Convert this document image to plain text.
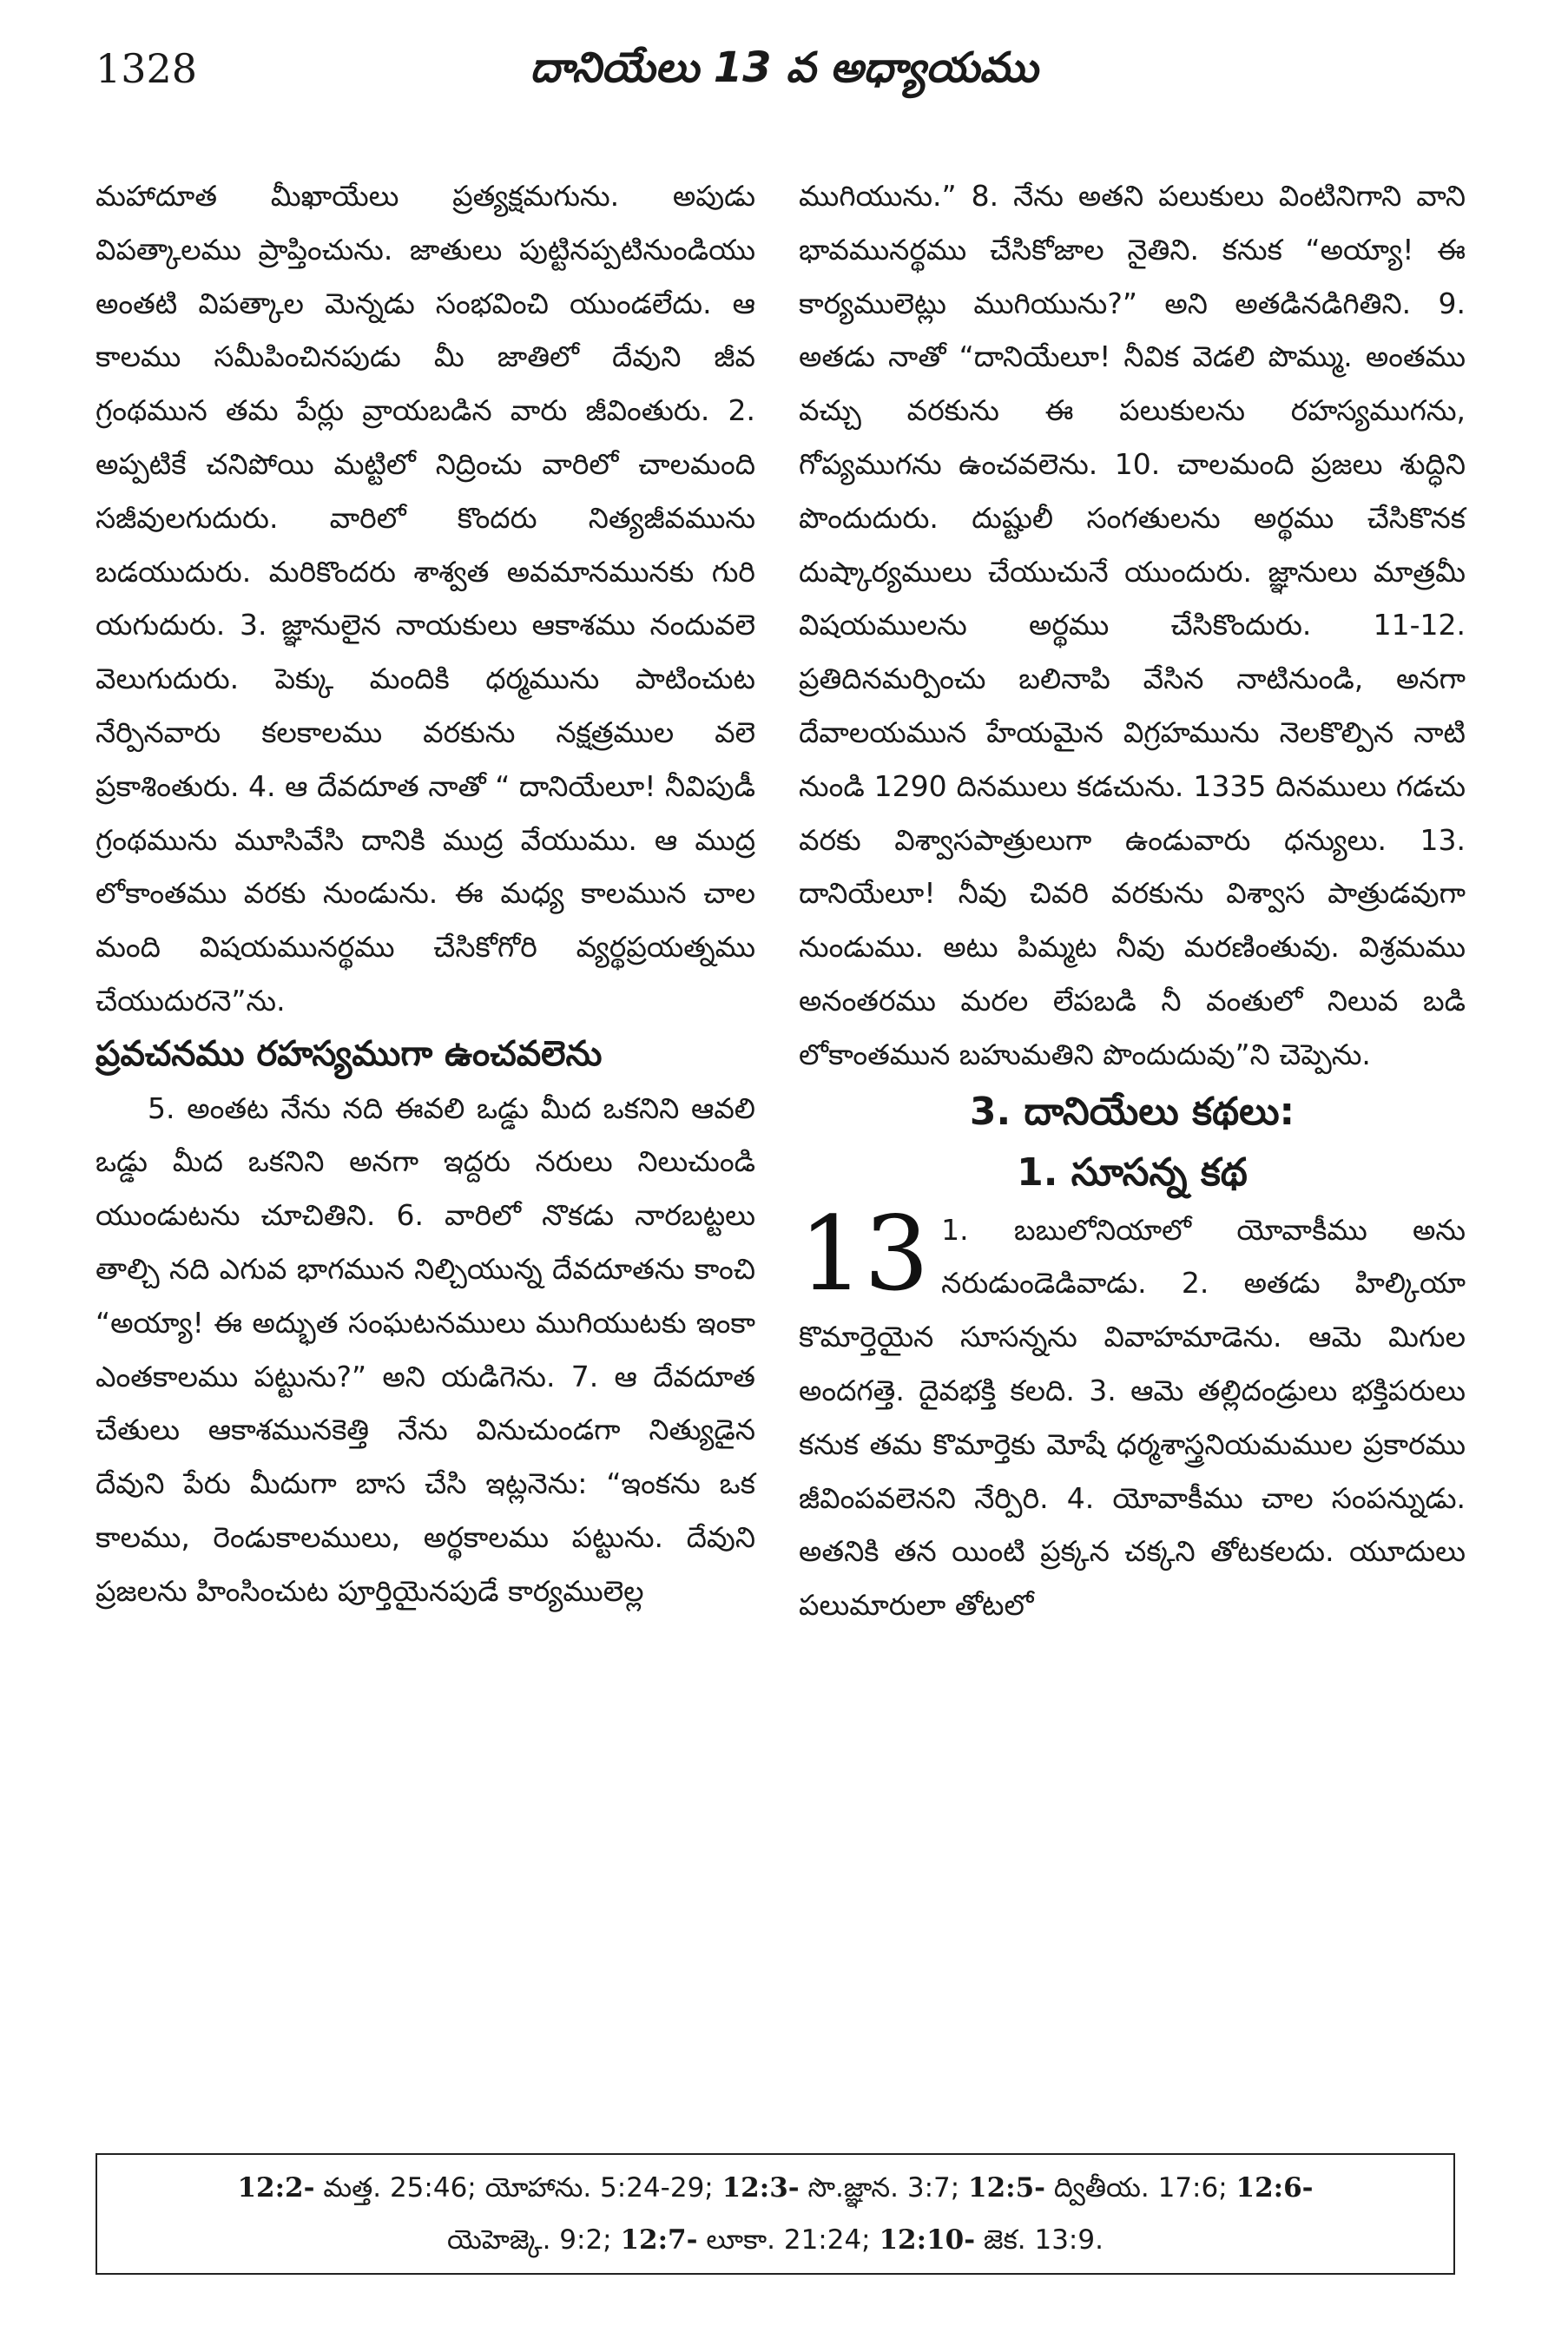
1328	దానియేలు 13 వ అధ్యాయము

మహాదూత మీఖాయేలు ప్రత్యక్షమగును. అపుడు విపత్కాలము ప్రాప్తించును. జాతులు పుట్టినప్పటినుండియు అంతటి విపత్కాల మెన్నడు సంభవించి యుండలేదు. ఆ కాలము సమీపించినపుడు మీ జాతిలో దేవుని జీవ గ్రంథమున తమ పేర్లు వ్రాయబడిన వారు జీవింతురు. 2. అప్పటికే చనిపోయి మట్టిలో నిద్రించు వారిలో చాలమంది సజీవులగుదురు. వారిలో కొందరు నిత్యజీవమును బడయుదురు. మరికొందరు శాశ్వత అవమానమునకు గురి యగుదురు. 3. జ్ఞానులైన నాయకులు ఆకాశము నందువలె వెలుగుదురు. పెక్కు మందికి ధర్మమును పాటించుట నేర్పినవారు కలకాలము వరకును నక్షత్రముల వలె ప్రకాశింతురు. 4. ఆ దేవదూత నాతో “ దానియేలూ! నీవిపుడీ గ్రంథమును మూసివేసి దానికి ముద్ర వేయుము. ఆ ముద్ర లోకాంతము వరకు నుండును. ఈ మధ్య కాలమున చాల మంది విషయమునర్థము చేసికోగోరి వ్యర్థప్రయత్నము చేయుదురనె”ను.

ప్రవచనము రహస్యముగా ఉంచవలెను

5. అంతట నేను నది ఈవలి ఒడ్డు మీద ఒకనిని ఆవలి ఒడ్డు మీద ఒకనిని అనగా ఇద్దరు నరులు నిలుచుండి యుండుటను చూచితిని. 6. వారిలో నొకడు నారబట్టలు తాల్చి నది ఎగువ భాగమున నిల్చియున్న దేవదూతను కాంచి “అయ్యా! ఈ అద్భుత సంఘటనములు ముగియుటకు ఇంకా ఎంతకాలము పట్టును?” అని యడిగెను. 7. ఆ దేవదూత చేతులు ఆకాశమునకెత్తి నేను వినుచుండగా నిత్యుడైన దేవుని పేరు మీదుగా బాస చేసి ఇట్లనెను: “ఇంకను ఒక కాలము, రెండుకాలములు, అర్థకాలము పట్టును. దేవుని ప్రజలను హింసించుట పూర్తియైనపుడే కార్యములెల్ల

ముగియును.” 8. నేను అతని పలుకులు వింటినిగాని వాని భావమునర్థము చేసికోజాల నైతిని. కనుక “అయ్యా! ఈ కార్యములెట్లు ముగియును?” అని అతడినడిగితిని. 9. అతడు నాతో “దానియేలూ! నీవిక వెడలి పొమ్ము. అంతము వచ్చు వరకును ఈ పలుకులను రహస్యముగను, గోప్యముగను ఉంచవలెను. 10. చాలమంది ప్రజలు శుద్ధిని పొందుదురు. దుష్టులీ సంగతులను అర్థము చేసికొనక దుష్కార్యములు చేయుచునే యుందురు. జ్ఞానులు మాత్రమీ విషయములను అర్థము చేసికొందురు. 11-12. ప్రతిదినమర్పించు బలినాపి వేసిన నాటినుండి, అనగా దేవాలయమున హేయమైన విగ్రహమును నెలకొల్పిన నాటి నుండి 1290 దినములు కడచును. 1335 దినములు గడచు వరకు విశ్వాసపాత్రులుగా ఉండువారు ధన్యులు. 13. దానియేలూ! నీవు చివరి వరకును విశ్వాస పాత్రుడవుగా నుండుము. అటు పిమ్మట నీవు మరణింతువు. విశ్రమము అనంతరము మరల లేపబడి నీ వంతులో నిలువ బడి లోకాంతమున బహుమతిని పొందుదువు”ని చెప్పెను.

3. దానియేలు కథలు:

1. సూసన్న కథ

13 1. బబులోనియాలో యోవాకీము అను నరుడుండెడివాడు. 2. అతడు హిల్కియా కొమార్తెయైన సూసన్నను వివాహమాడెను. ఆమె మిగుల అందగత్తె. దైవభక్తి కలది. 3. ఆమె తల్లిదండ్రులు భక్తిపరులు కనుక తమ కొమార్తెకు మోషే ధర్మశాస్త్రనియమముల ప్రకారము జీవింపవలెనని నేర్పిరి. 4. యోవాకీము చాల సంపన్నుడు. అతనికి తన యింటి ప్రక్కన చక్కని తోటకలదు. యూదులు పలుమారులా తోటలో

12:2- మత్త. 25:46; యోహాను. 5:24-29; 12:3- సొ.జ్ఞాన. 3:7; 12:5- ద్వితీయ. 17:6; 12:6-
యెహెజ్కె. 9:2; 12:7- లూకా. 21:24; 12:10- జెక. 13:9.
